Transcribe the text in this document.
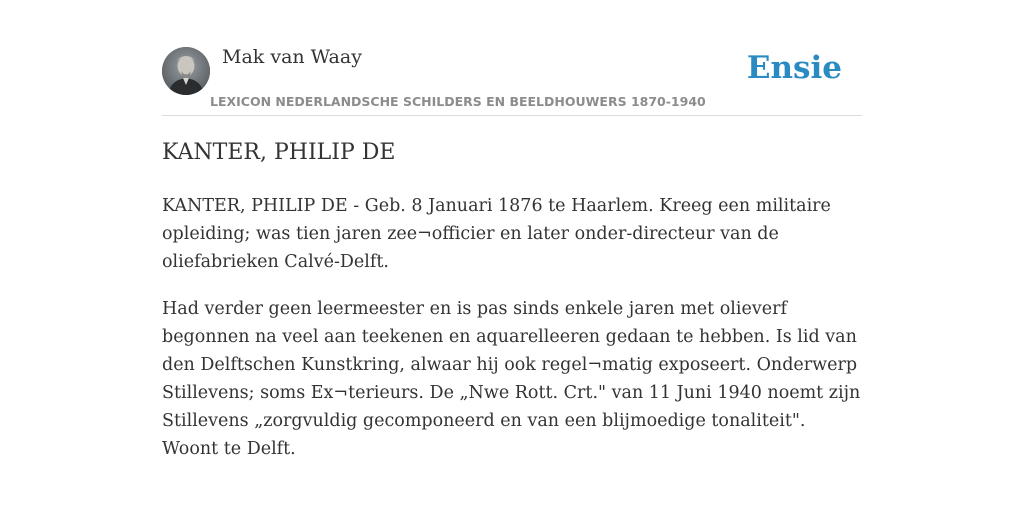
Mak van Waay
LEXICON NEDERLANDSCHE SCHILDERS EN BEELDHOUWERS 1870-1940
Ensie
KANTER, PHILIP DE

KANTER, PHILIP DE - Geb. 8 Januari 1876 te Haarlem. Kreeg een militaire opleiding; was tien jaren zee¬officier en later onder-directeur van de oliefabrieken Calvé-Delft.

Had verder geen leermeester en is pas sinds enkele jaren met olieverf begonnen na veel aan teekenen en aquarelleeren gedaan te hebben. Is lid van den Delftschen Kunstkring, alwaar hij ook regel¬matig exposeert. Onderwerp Stillevens; soms Ex¬terieurs. De „Nwe Rott. Crt." van 11 Juni 1940 noemt zijn Stillevens „zorgvuldig gecomponeerd en van een blijmoedige tonaliteit". Woont te Delft.
